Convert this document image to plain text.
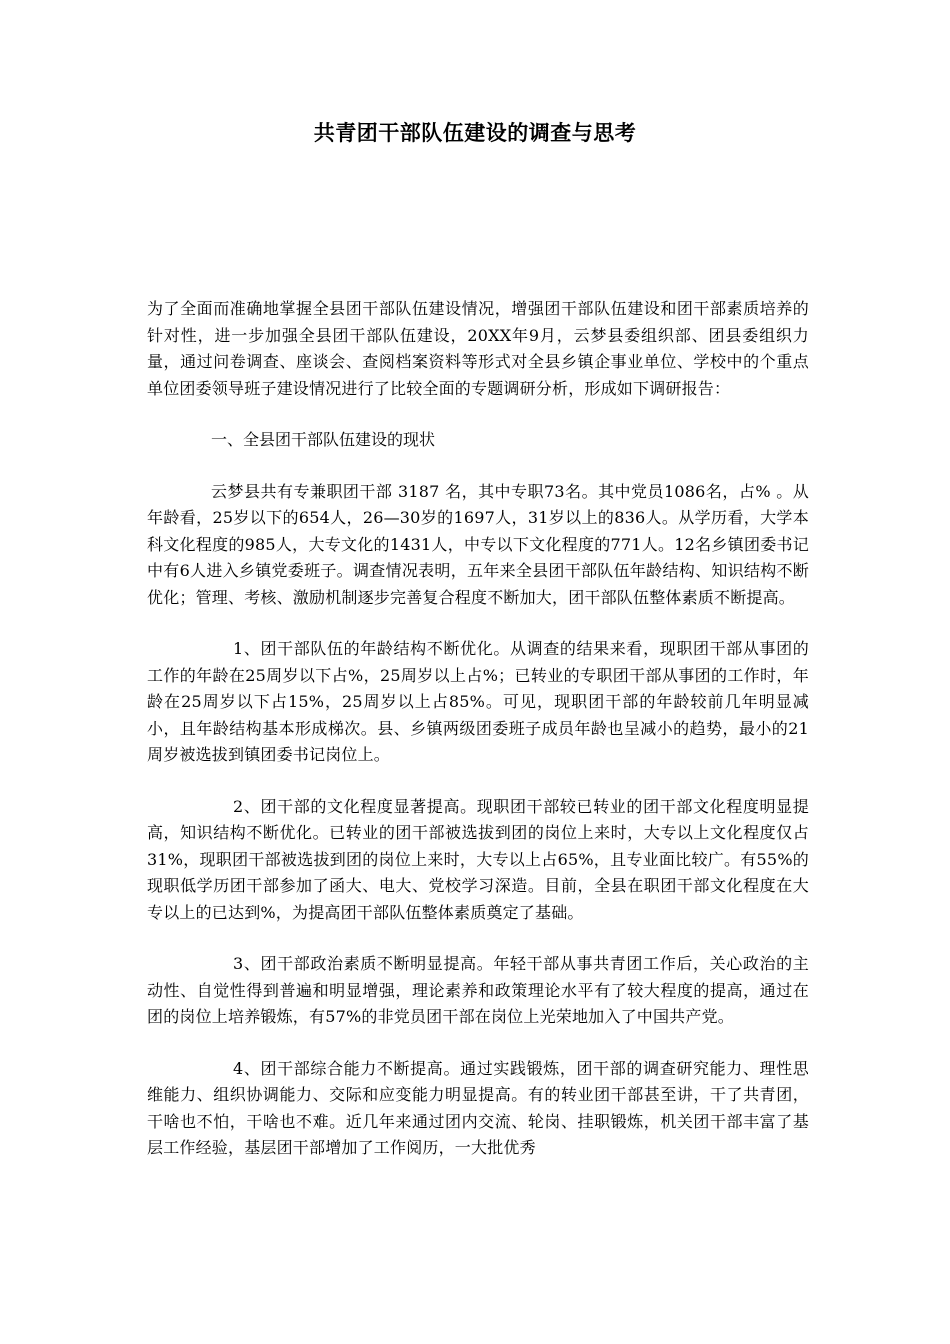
共青团干部队伍建设的调查与思考

为了全面而准确地掌握全县团干部队伍建设情况，增强团干部队伍建设和团干部素质培养的针对性，进一步加强全县团干部队伍建设，20XX年9月，云梦县委组织部、团县委组织力量，通过问卷调查、座谈会、查阅档案资料等形式对全县乡镇企事业单位、学校中的个重点单位团委领导班子建设情况进行了比较全面的专题调研分析，形成如下调研报告：

一、全县团干部队伍建设的现状

云梦县共有专兼职团干部 3187 名，其中专职73名。其中党员1086名，占% 。从年龄看，25岁以下的654人，26—30岁的1697人，31岁以上的836人。从学历看，大学本科文化程度的985人，大专文化的1431人，中专以下文化程度的771人。12名乡镇团委书记中有6人进入乡镇党委班子。调查情况表明，五年来全县团干部队伍年龄结构、知识结构不断优化；管理、考核、激励机制逐步完善复合程度不断加大，团干部队伍整体素质不断提高。

1、团干部队伍的年龄结构不断优化。从调查的结果来看，现职团干部从事团的工作的年龄在25周岁以下占%，25周岁以上占%；已转业的专职团干部从事团的工作时，年龄在25周岁以下占15%，25周岁以上占85%。可见，现职团干部的年龄较前几年明显减小，且年龄结构基本形成梯次。县、乡镇两级团委班子成员年龄也呈减小的趋势，最小的21周岁被选拔到镇团委书记岗位上。

2、团干部的文化程度显著提高。现职团干部较已转业的团干部文化程度明显提高，知识结构不断优化。已转业的团干部被选拔到团的岗位上来时，大专以上文化程度仅占31%，现职团干部被选拔到团的岗位上来时，大专以上占65%，且专业面比较广。有55%的现职低学历团干部参加了函大、电大、党校学习深造。目前，全县在职团干部文化程度在大专以上的已达到%，为提高团干部队伍整体素质奠定了基础。

3、团干部政治素质不断明显提高。年轻干部从事共青团工作后，关心政治的主动性、自觉性得到普遍和明显增强，理论素养和政策理论水平有了较大程度的提高，通过在团的岗位上培养锻炼，有57%的非党员团干部在岗位上光荣地加入了中国共产党。

4、团干部综合能力不断提高。通过实践锻炼，团干部的调查研究能力、理性思维能力、组织协调能力、交际和应变能力明显提高。有的转业团干部甚至讲，干了共青团，干啥也不怕，干啥也不难。近几年来通过团内交流、轮岗、挂职锻炼，机关团干部丰富了基层工作经验，基层团干部增加了工作阅历，一大批优秀
